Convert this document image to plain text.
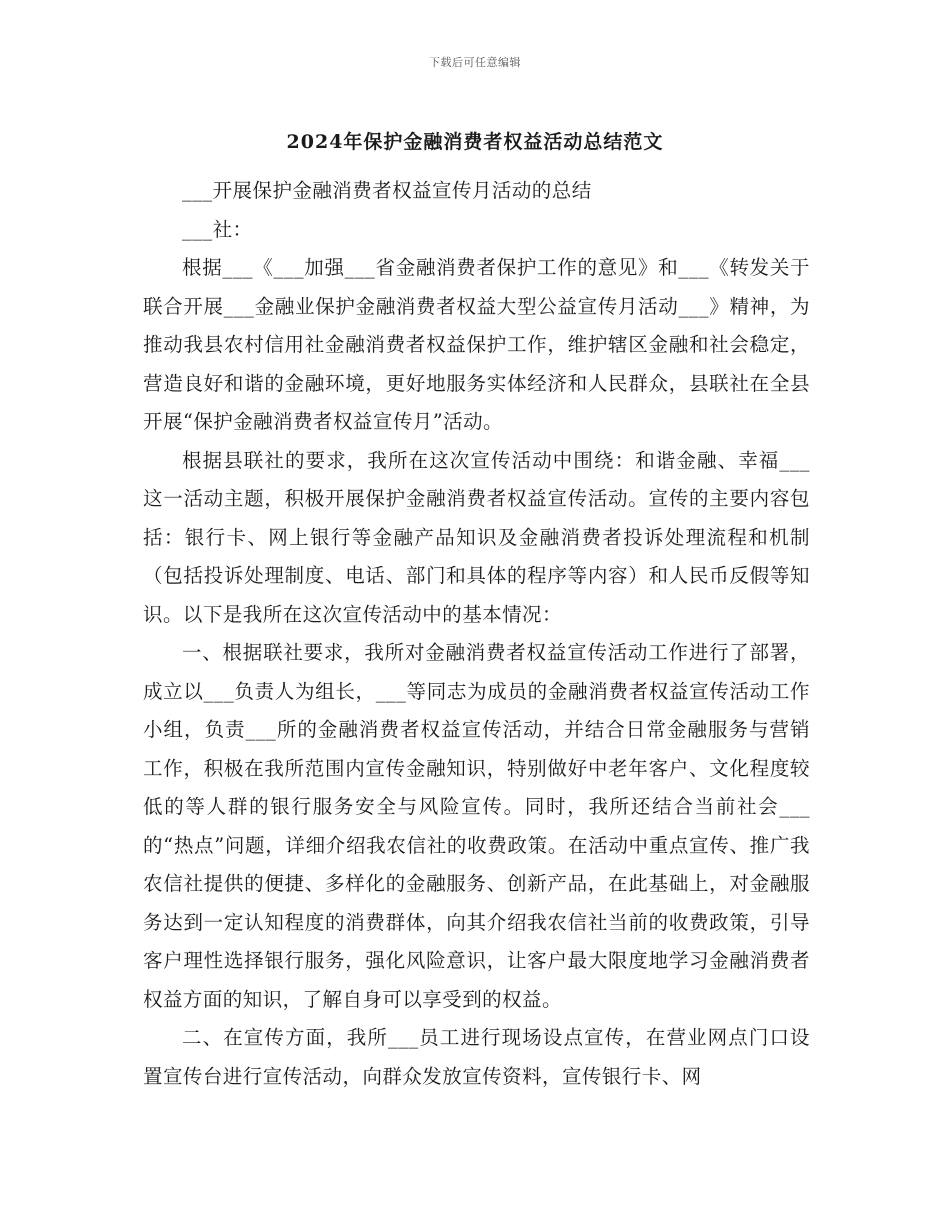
下载后可任意编辑
2024年保护金融消费者权益活动总结范文

___开展保护金融消费者权益宣传月活动的总结

___社：

根据___《___加强___省金融消费者保护工作的意见》和___《转发关于联合开展___金融业保护金融消费者权益大型公益宣传月活动___》精神，为推动我县农村信用社金融消费者权益保护工作，维护辖区金融和社会稳定，营造良好和谐的金融环境，更好地服务实体经济和人民群众，县联社在全县开展“保护金融消费者权益宣传月”活动。

根据县联社的要求，我所在这次宣传活动中围绕：和谐金融、幸福___这一活动主题，积极开展保护金融消费者权益宣传活动。宣传的主要内容包括：银行卡、网上银行等金融产品知识及金融消费者投诉处理流程和机制（包括投诉处理制度、电话、部门和具体的程序等内容）和人民币反假等知识。以下是我所在这次宣传活动中的基本情况：

一、根据联社要求，我所对金融消费者权益宣传活动工作进行了部署，成立以___负责人为组长，___等同志为成员的金融消费者权益宣传活动工作小组，负责___所的金融消费者权益宣传活动，并结合日常金融服务与营销工作，积极在我所范围内宣传金融知识，特别做好中老年客户、文化程度较低的等人群的银行服务安全与风险宣传。同时，我所还结合当前社会___的“热点”问题，详细介绍我农信社的收费政策。在活动中重点宣传、推广我农信社提供的便捷、多样化的金融服务、创新产品，在此基础上，对金融服务达到一定认知程度的消费群体，向其介绍我农信社当前的收费政策，引导客户理性选择银行服务，强化风险意识，让客户最大限度地学习金融消费者权益方面的知识，了解自身可以享受到的权益。

二、在宣传方面，我所___员工进行现场设点宣传，在营业网点门口设置宣传台进行宣传活动，向群众发放宣传资料，宣传银行卡、网
